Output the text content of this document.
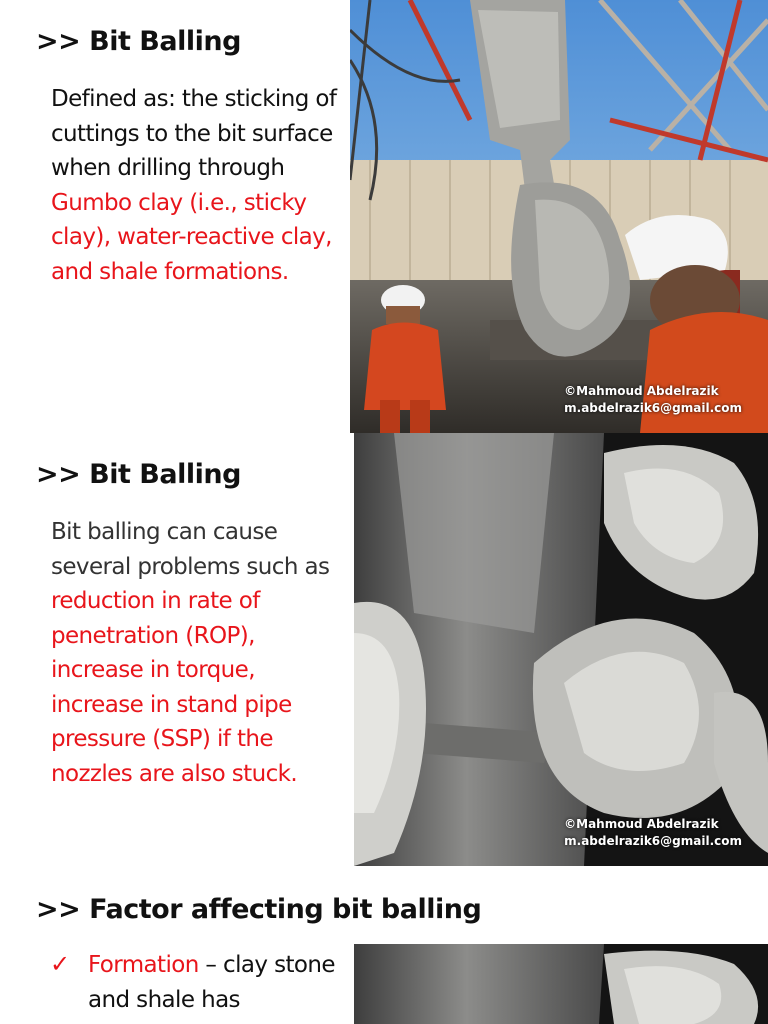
>> Bit Balling

Defined as: the sticking of cuttings to the bit surface when drilling through Gumbo clay (i.e., sticky clay), water-reactive clay, and shale formations.

©Mahmoud Abdelrazik
m.abdelrazik6@gmail.com
>> Bit Balling

Bit balling can cause several problems such as reduction in rate of penetration (ROP), increase in torque, increase in stand pipe pressure (SSP) if the nozzles are also stuck.

©Mahmoud Abdelrazik
m.abdelrazik6@gmail.com
>> Factor affecting bit balling
✓ Formation – clay stone and shale has
